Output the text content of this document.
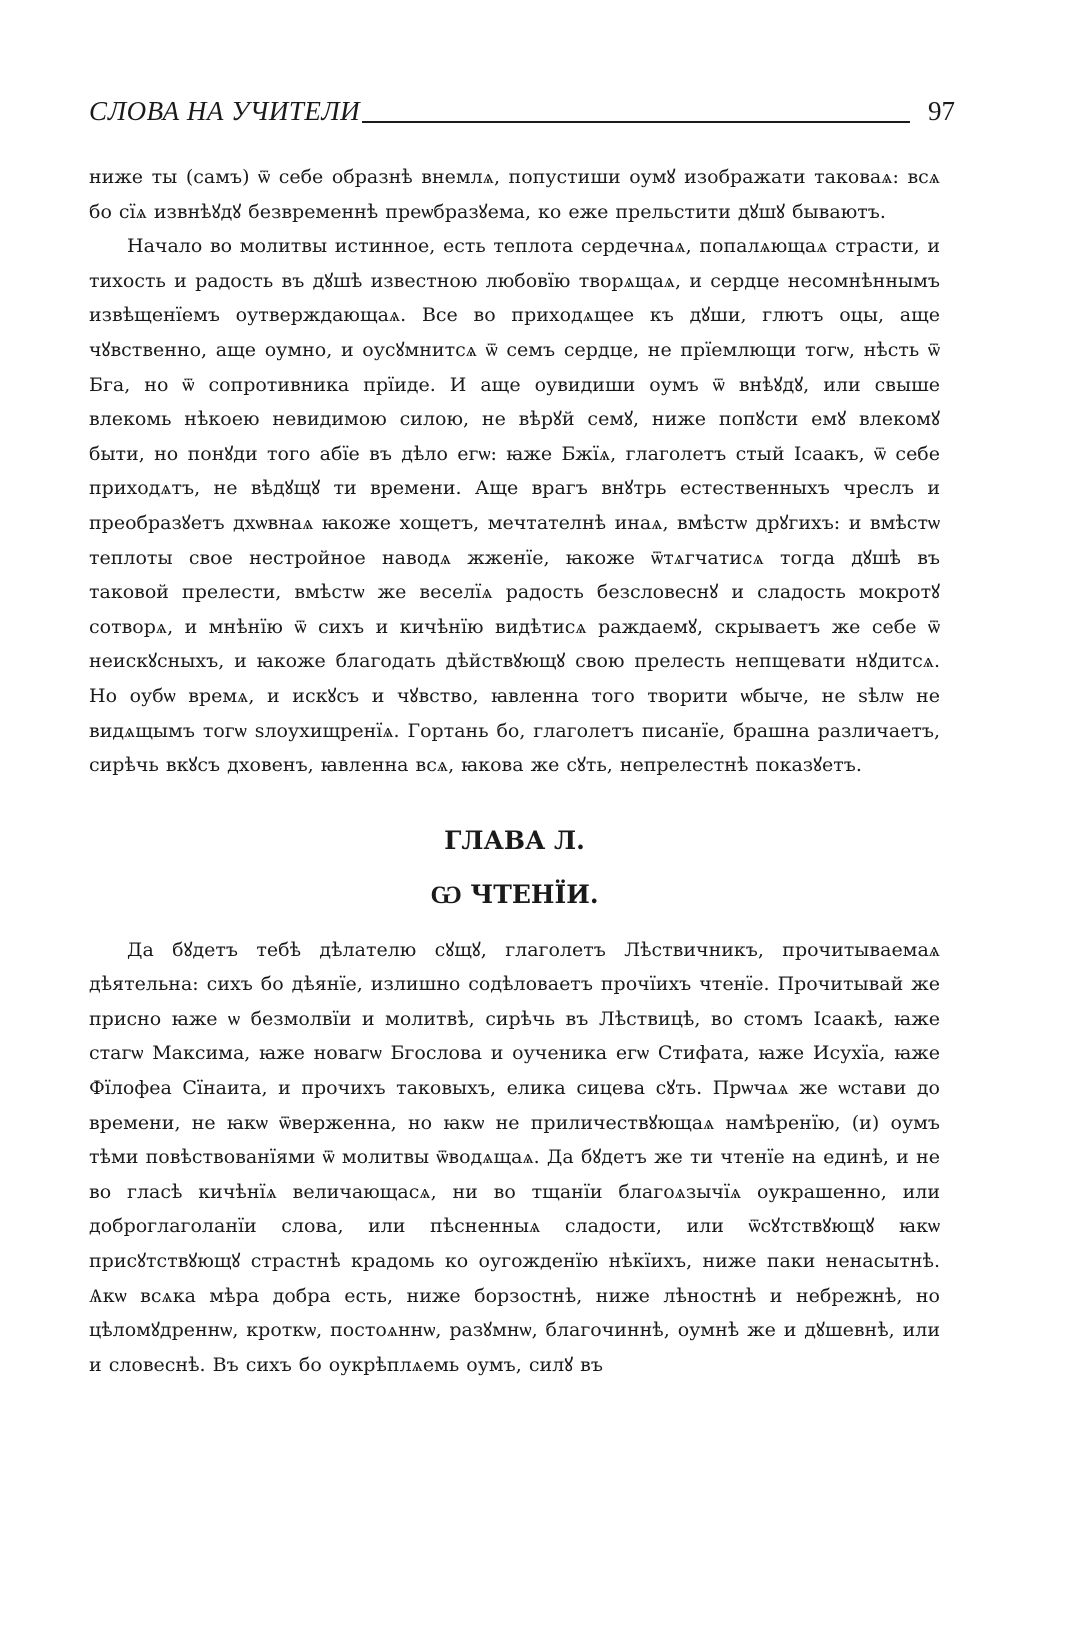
СЛОВА НА УЧИТЕЛИ	97

ниже ты (самъ) ѿ себе образнѣ внемлѧ, попустиши оумꙋ изображати таковаѧ: всѧ бо сїѧ извнѣꙋдꙋ безвременнѣ преѡбразꙋема, ко еже прельстити дꙋшꙋ бываютъ.

Начало во молитвы истинное, есть теплота сердечнаѧ, попалѧющаѧ страсти, и тихость и радость въ дꙋшѣ известною любовїю творѧщаѧ, и сердце несомнѣннымъ извѣщенїемъ оутверждающаѧ. Все во приходѧщее къ дꙋши, глютъ оцы, аще чꙋвственно, аще оумно, и оусꙋмнитсѧ ѿ семъ сердце, не прїемлющи тогѡ, нѣсть ѿ Бга, но ѿ сопротивника прїиде. И аще оувидиши оумъ ѿ внѣꙋдꙋ, или свыше влекомь нѣкоею невидимою силою, не вѣрꙋй семꙋ, ниже попꙋсти емꙋ влекомꙋ быти, но понꙋди того абїе въ дѣло егѡ: ꙗже Бжїѧ, глаголетъ стый Ісаакъ, ѿ себе приходѧтъ, не вѣдꙋщꙋ ти времени. Аще врагъ внꙋтрь естественныхъ чреслъ и преобразꙋетъ дхѡвнаѧ ꙗкоже хощетъ, мечтателнѣ инаѧ, вмѣстѡ дрꙋгихъ: и вмѣстѡ теплоты свое нестройное наводѧ жженїе, ꙗкоже ѿтѧгчатисѧ тогда дꙋшѣ въ таковой прелести, вмѣстѡ же веселїѧ радость безсловеснꙋ и сладость мокротꙋ сотворѧ, и мнѣнїю ѿ сихъ и кичѣнїю видѣтисѧ раждаемꙋ, скрываетъ же себе ѿ неискꙋсныхъ, и ꙗкоже благодать дѣйствꙋющꙋ свою прелесть непщевати нꙋдитсѧ. Но оубѡ времѧ, и искꙋсъ и чꙋвство, ꙗвленна того творити ѡбыче, не ѕѣлѡ не видѧщымъ тогѡ ѕлоухищренїѧ. Гортань бо, глаголетъ писанїе, брашна различаетъ, сирѣчь вкꙋсъ дховенъ, ꙗвленна всѧ, ꙗкова же сꙋть, непрелестнѣ показꙋетъ.

ГЛАВА Л.
Ѡ ЧТЕНЇИ.

Да бꙋдетъ тебѣ дѣлателю сꙋщꙋ, глаголетъ Лѣствичникъ, прочитываемаѧ дѣятельна: сихъ бо дѣянїе, излишно содѣловаетъ прочїихъ чтенїе. Прочитывай же присно ꙗже ѡ безмолвїи и молитвѣ, сирѣчь въ Лѣствицѣ, во стомъ Ісаакѣ, ꙗже стагѡ Максима, ꙗже новагѡ Бгослова и оученика егѡ Стифата, ꙗже Исухїа, ꙗже Фїлофеа Сїнаита, и прочихъ таковыхъ, елика сицева сꙋть. Прѡчаѧ же ѡстави до времени, не ꙗкѡ ѿверженна, но ꙗкѡ не приличествꙋющаѧ намѣренїю, (и) оумъ тѣми повѣствованїями ѿ молитвы ѿводѧщаѧ. Да бꙋдетъ же ти чтенїе на единѣ, и не во гласѣ кичѣнїѧ величающасѧ, ни во тщанїи благоѧзычїѧ оукрашенно, или доброглаголанїи слова, или пѣсненныѧ сладости, или ѿсꙋтствꙋющꙋ ꙗкѡ присꙋтствꙋющꙋ страстнѣ крадомь ко оугожденїю нѣкїихъ, ниже паки ненасытнѣ. Ѧкѡ всѧка мѣра добра есть, ниже борзостнѣ, ниже лѣностнѣ и небрежнѣ, но цѣломꙋдреннѡ, кроткѡ, постоѧннѡ, разꙋмнѡ, благочиннѣ, оумнѣ же и дꙋшевнѣ, или и словеснѣ. Въ сихъ бо оукрѣплѧемь оумъ, силꙋ въ
